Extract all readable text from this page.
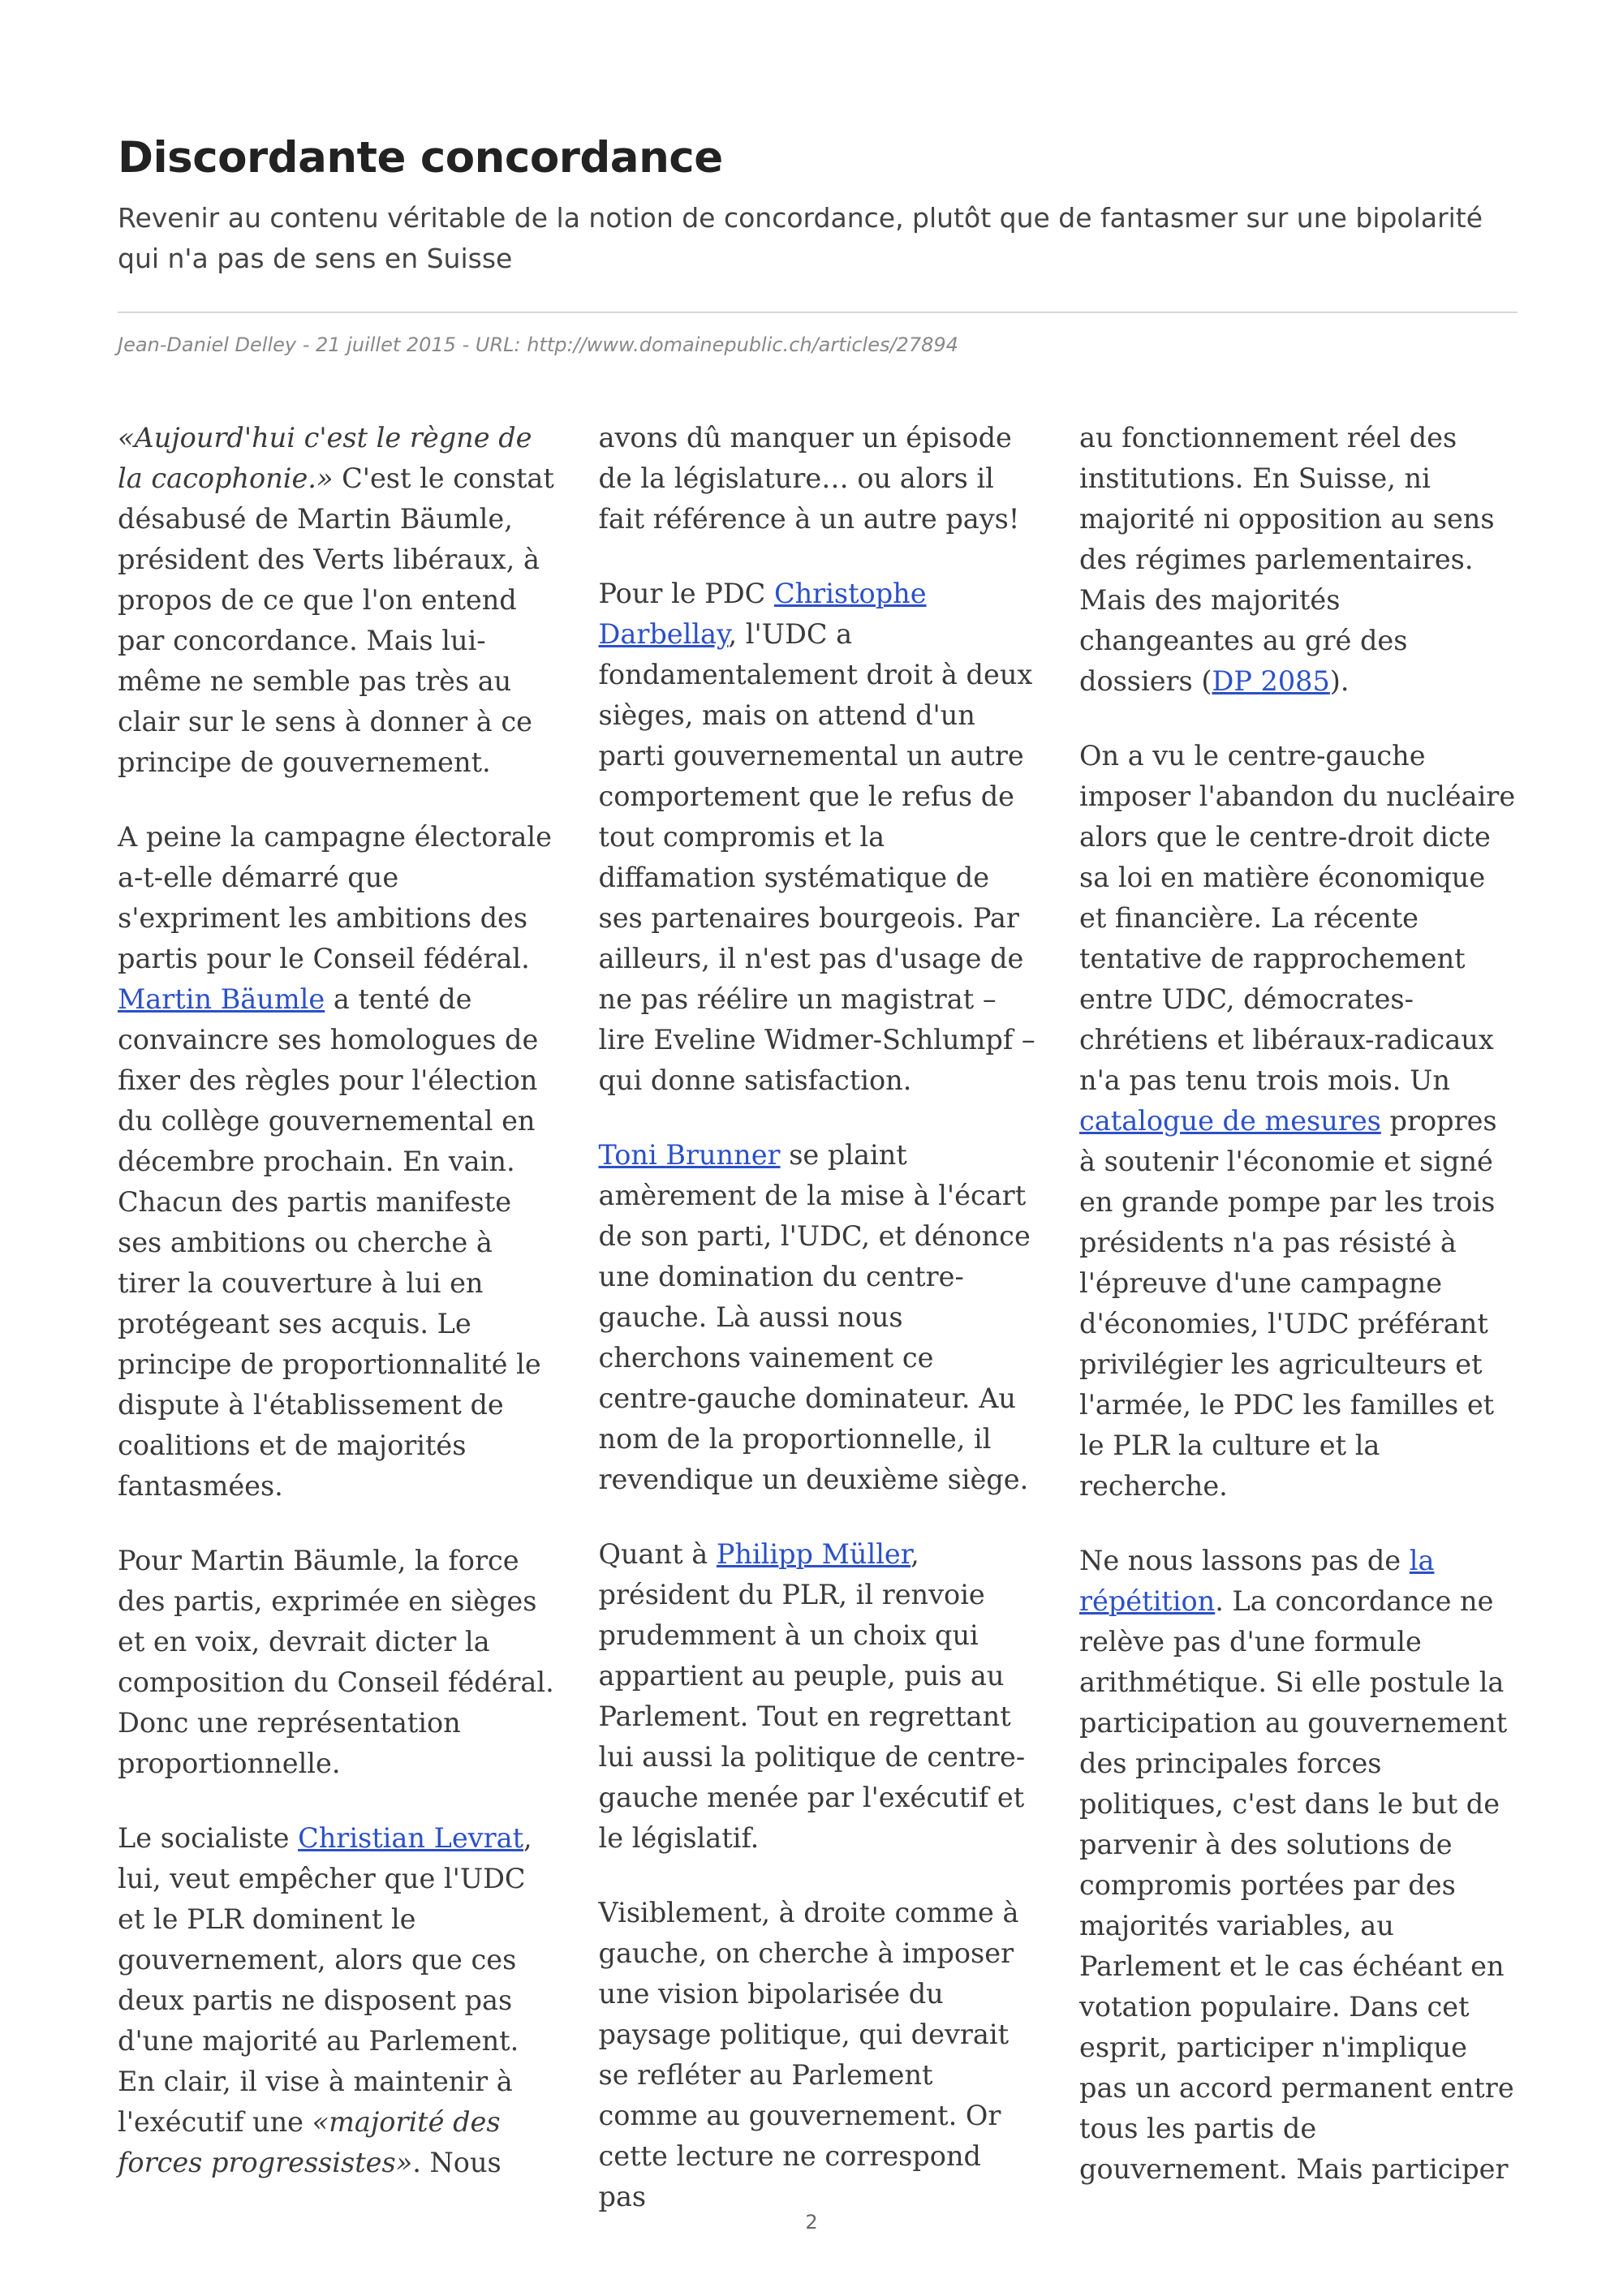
Discordante concordance

Revenir au contenu véritable de la notion de concordance, plutôt que de fantasmer sur une bipolarité qui n'a pas de sens en Suisse

Jean-Daniel Delley - 21 juillet 2015 - URL: http://www.domainepublic.ch/articles/27894

«Aujourd'hui c'est le règne de la cacophonie.» C'est le constat désabusé de Martin Bäumle, président des Verts libéraux, à propos de ce que l'on entend par concordance. Mais lui-même ne semble pas très au clair sur le sens à donner à ce principe de gouvernement.

A peine la campagne électorale a-t-elle démarré que s'expriment les ambitions des partis pour le Conseil fédéral. Martin Bäumle a tenté de convaincre ses homologues de fixer des règles pour l'élection du collège gouvernemental en décembre prochain. En vain. Chacun des partis manifeste ses ambitions ou cherche à tirer la couverture à lui en protégeant ses acquis. Le principe de proportionnalité le dispute à l'établissement de coalitions et de majorités fantasmées.

Pour Martin Bäumle, la force des partis, exprimée en sièges et en voix, devrait dicter la composition du Conseil fédéral. Donc une représentation proportionnelle.

Le socialiste Christian Levrat, lui, veut empêcher que l'UDC et le PLR dominent le gouvernement, alors que ces deux partis ne disposent pas d'une majorité au Parlement. En clair, il vise à maintenir à l'exécutif une «majorité des forces progressistes». Nous

avons dû manquer un épisode de la législature… ou alors il fait référence à un autre pays!

Pour le PDC Christophe Darbellay, l'UDC a fondamentalement droit à deux sièges, mais on attend d'un parti gouvernemental un autre comportement que le refus de tout compromis et la diffamation systématique de ses partenaires bourgeois. Par ailleurs, il n'est pas d'usage de ne pas réélire un magistrat – lire Eveline Widmer-Schlumpf – qui donne satisfaction.

Toni Brunner se plaint amèrement de la mise à l'écart de son parti, l'UDC, et dénonce une domination du centre-gauche. Là aussi nous cherchons vainement ce centre-gauche dominateur. Au nom de la proportionnelle, il revendique un deuxième siège.

Quant à Philipp Müller, président du PLR, il renvoie prudemment à un choix qui appartient au peuple, puis au Parlement. Tout en regrettant lui aussi la politique de centre-gauche menée par l'exécutif et le législatif.

Visiblement, à droite comme à gauche, on cherche à imposer une vision bipolarisée du paysage politique, qui devrait se refléter au Parlement comme au gouvernement. Or cette lecture ne correspond pas

au fonctionnement réel des institutions. En Suisse, ni majorité ni opposition au sens des régimes parlementaires. Mais des majorités changeantes au gré des dossiers (DP 2085).

On a vu le centre-gauche imposer l'abandon du nucléaire alors que le centre-droit dicte sa loi en matière économique et financière. La récente tentative de rapprochement entre UDC, démocrates-chrétiens et libéraux-radicaux n'a pas tenu trois mois. Un catalogue de mesures propres à soutenir l'économie et signé en grande pompe par les trois présidents n'a pas résisté à l'épreuve d'une campagne d'économies, l'UDC préférant privilégier les agriculteurs et l'armée, le PDC les familles et le PLR la culture et la recherche.

Ne nous lassons pas de la répétition. La concordance ne relève pas d'une formule arithmétique. Si elle postule la participation au gouvernement des principales forces politiques, c'est dans le but de parvenir à des solutions de compromis portées par des majorités variables, au Parlement et le cas échéant en votation populaire. Dans cet esprit, participer n'implique pas un accord permanent entre tous les partis de gouvernement. Mais participer

2
